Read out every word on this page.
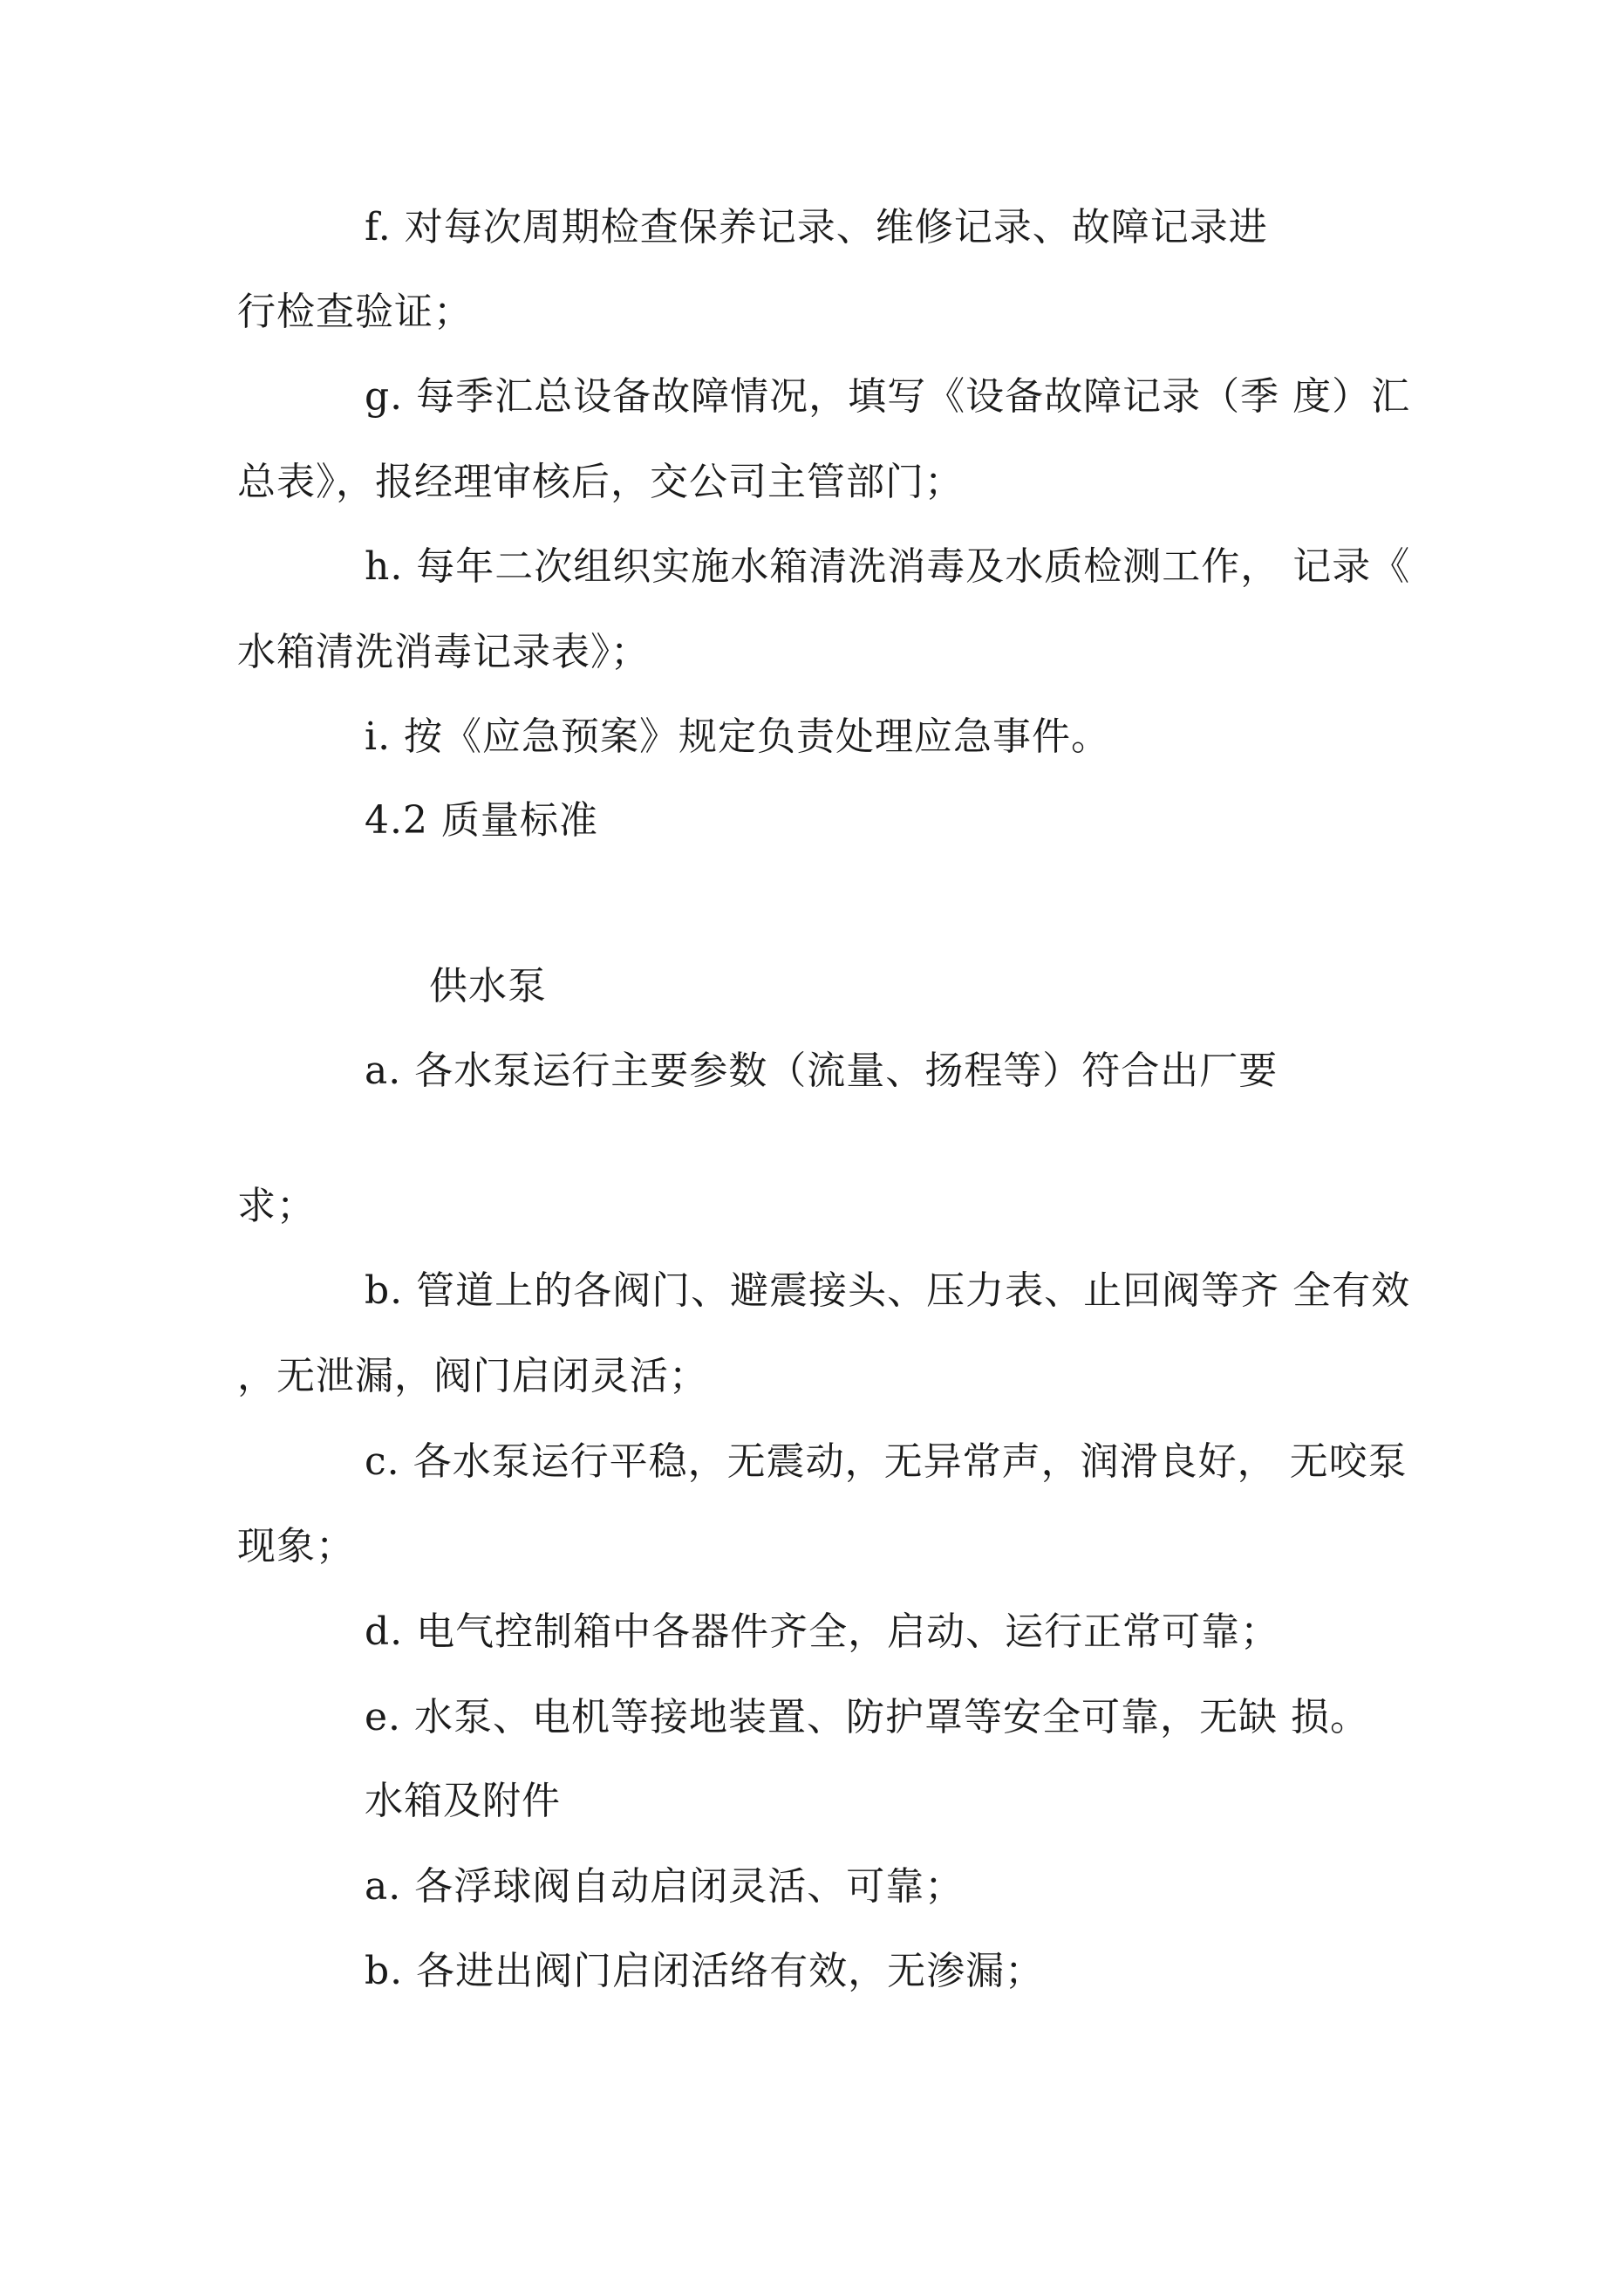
f. 对每次周期检查保养记录、维修记录、故障记录进
行检查验证；
g. 每季汇总设备故障情况，填写《设备故障记录（季 度）汇
总表》，报经理审核后，交公司主管部门；
h. 每年二次组织实施水箱清洗消毒及水质检测工作， 记录《
水箱清洗消毒记录表》；
i. 按《应急预案》规定负责处理应急事件。
4.2 质量标准
供水泵
a. 各水泵运行主要参数（流量、扬程等）符合出厂要
求；
b. 管道上的各阀门、避震接头、压力表、止回阀等齐 全有效
，无泄漏，阀门启闭灵活；
c. 各水泵运行平稳，无震动，无异常声，润滑良好， 无咬泵
现象；
d. 电气控制箱中各器件齐全，启动、运行正常可靠；
e. 水泵、电机等接地装置、防护罩等安全可靠，无缺 损。
水箱及附件
a. 各浮球阀自动启闭灵活、可靠；
b. 各进出阀门启闭活络有效，无渗漏；
